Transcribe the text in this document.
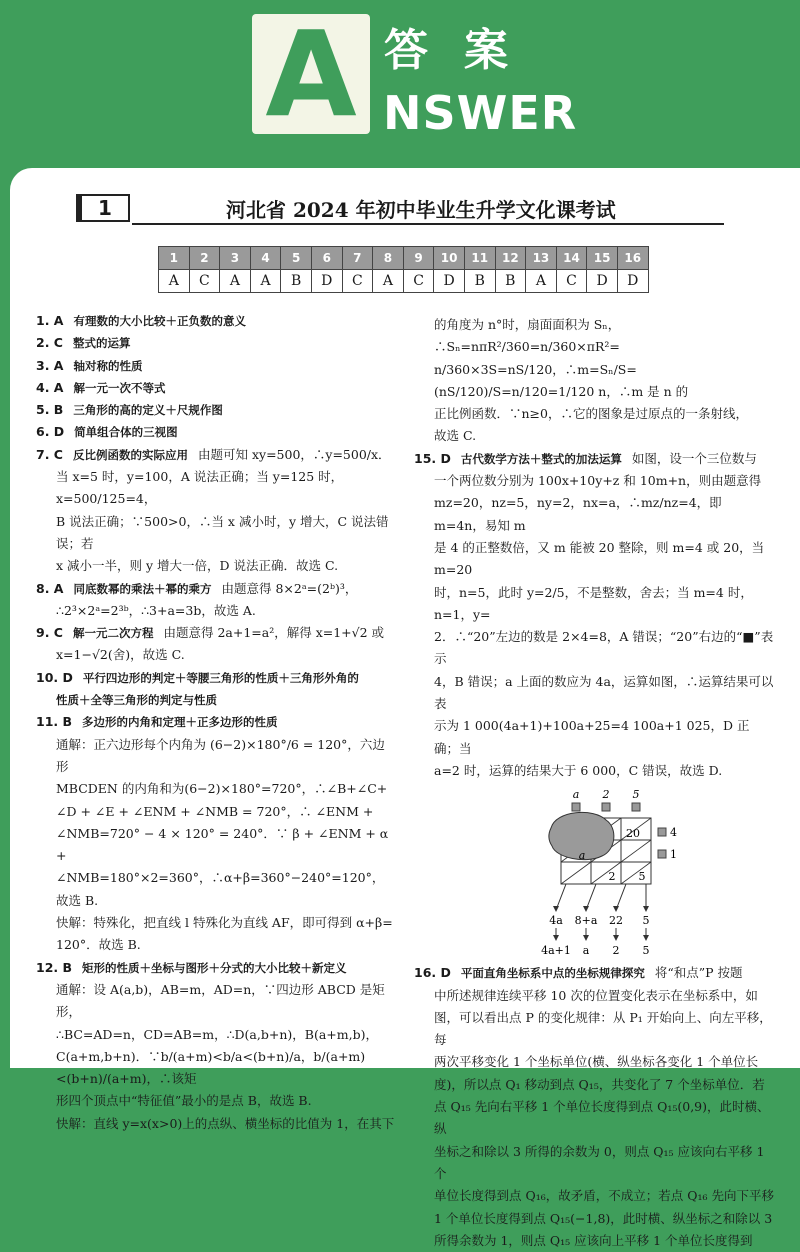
A 答案
NSWER
1	河北省 2024 年初中毕业生升学文化课考试
1	2	3	4	5	6	7	8	9	10	11	12	13	14	15	16
A	C	A	A	B	D	C	A	C	D	B	B	A	C	D	D
1. A 有理数的大小比较＋正负数的意义
2. C 整式的运算
3. A 轴对称的性质
4. A 解一元一次不等式
5. B 三角形的高的定义＋尺规作图
6. D 简单组合体的三视图
7. C 反比例函数的实际应用 由题可知 xy=500，∴y=500/x．
当 x=5 时，y=100，A 说法正确；当 y=125 时，x=500/125=4，
B 说法正确；∵500>0，∴当 x 减小时，y 增大，C 说法错误；若
x 减小一半，则 y 增大一倍，D 说法正确．故选 C.
8. A 同底数幂的乘法＋幂的乘方 由题意得 8×2ᵃ=(2ᵇ)³，
∴2³×2ᵃ=2³ᵇ，∴3+a=3b，故选 A.
9. C 解一元二次方程 由题意得 2a+1=a²，解得 x=1+√2 或
x=1−√2(舍)，故选 C.
10. D 平行四边形的判定＋等腰三角形的性质＋三角形外角的
性质＋全等三角形的判定与性质
11. B 多边形的内角和定理＋正多边形的性质
通解：正六边形每个内角为 (6−2)×180°/6 = 120°，六边形
MBCDEN 的内角和为(6−2)×180°=720°，∴∠B+∠C+
∠D + ∠E + ∠ENM + ∠NMB = 720°，∴ ∠ENM +
∠NMB=720° − 4 × 120° = 240°．∵ β + ∠ENM + α +
∠NMB=180°×2=360°，∴α+β=360°−240°=120°，
故选 B.
快解：特殊化，把直线 l 特殊化为直线 AF，即可得到 α+β=
120°．故选 B.
12. B 矩形的性质＋坐标与图形＋分式的大小比较＋新定义
通解：设 A(a,b)，AB=m，AD=n，∵四边形 ABCD 是矩形，
∴BC=AD=n，CD=AB=m，∴D(a,b+n)，B(a+m,b)，
C(a+m,b+n)．∵b/(a+m)<b/a<(b+n)/a，b/(a+m)<(b+n)/(a+m)，∴该矩
形四个顶点中“特征值”最小的是点 B，故选 B.
快解：直线 y=x(x>0)上的点纵、横坐标的比值为 1，在其下
的角度为 n°时，扇面面积为 Sₙ，∴Sₙ=nπR²/360=n/360×πR²=
n/360×3S=nS/120，∴m=Sₙ/S=(nS/120)/S=n/120=1/120 n，∴m 是 n 的
正比例函数．∵n≥0，∴它的图象是过原点的一条射线，
故选 C.
15. D 古代数学方法＋整式的加法运算 如图，设一个三位数与
一个两位数分别为 100x+10y+z 和 10m+n，则由题意得
mz=20，nz=5，ny=2，nx=a，∴mz/nz=4，即 m=4n，易知 m
是 4 的正整数倍，又 m 能被 20 整除，则 m=4 或 20，当 m=20
时，n=5，此时 y=2/5，不是整数，舍去；当 m=4 时，n=1，y=
2．∴“20”左边的数是 2×4=8，A 错误；“20”右边的“■”表示
4，B 错误；a 上面的数应为 4a，运算如图，∴运算结果可以表
示为 1 000(4a+1)+100a+25=4 100a+1 025，D 正确；当
a=2 时，运算的结果大于 6 000，C 错误，故选 D.
a 2 5
20
a
2 5
4
1
4a 8+a 22 5
4a+1 a 2 5
16. D 平面直角坐标系中点的坐标规律探究 将“和点”P 按题
中所述规律连续平移 10 次的位置变化表示在坐标系中，如
图，可以看出点 P 的变化规律：从 P₁ 开始向上、向左平移，每
两次平移变化 1 个坐标单位(横、纵坐标各变化 1 个单位长
度)，所以点 Q₁ 移动到点 Q₁₅，共变化了 7 个坐标单位．若
点 Q₁₅ 先向右平移 1 个单位长度得到点 Q₁₅(0,9)，此时横、纵
坐标之和除以 3 所得的余数为 0，则点 Q₁₅ 应该向右平移 1 个
单位长度得到点 Q₁₆，故矛盾，不成立；若点 Q₁₆ 先向下平移
1 个单位长度得到点 Q₁₅(−1,8)，此时横、纵坐标之和除以 3
所得余数为 1，则点 Q₁₅ 应该向上平移 1 个单位长度得到
